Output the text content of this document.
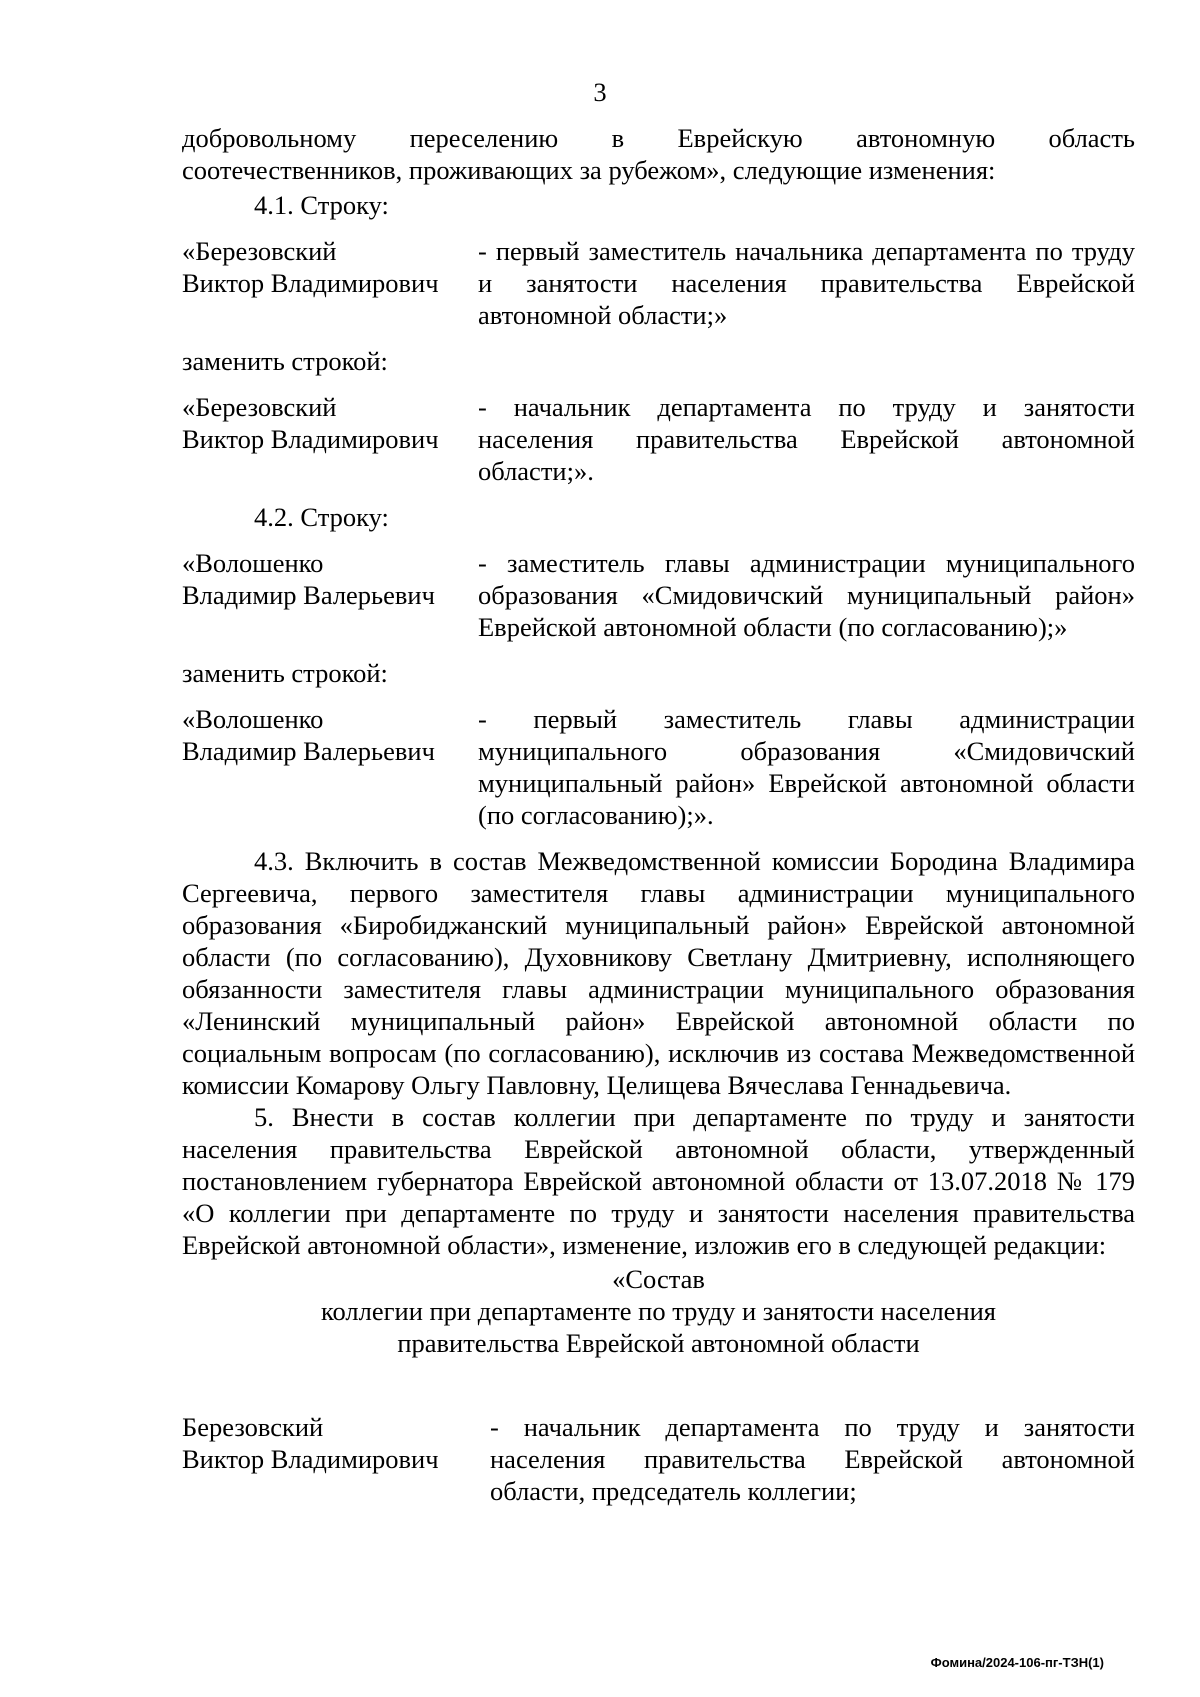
3

добровольному переселению в Еврейскую автономную область

соотечественников, проживающих за рубежом», следующие изменения:

4.1. Строку:

«Березовский
Виктор Владимирович
- первый заместитель начальника департамента по труду и занятости населения правительства Еврейской автономной области;»

заменить строкой:

«Березовский
Виктор Владимирович
- начальник департамента по труду и занятости населения правительства Еврейской автономной области;».

4.2. Строку:

«Волошенко
Владимир Валерьевич
- заместитель главы администрации муниципального образования «Смидовичский муниципальный район» Еврейской автономной области (по согласованию);»

заменить строкой:

«Волошенко
Владимир Валерьевич
- первый заместитель главы администрации муниципального образования «Смидовичский муниципальный район» Еврейской автономной области (по согласованию);».

4.3. Включить в состав Межведомственной комиссии Бородина Владимира Сергеевича, первого заместителя главы администрации муниципального образования «Биробиджанский муниципальный район» Еврейской автономной области (по согласованию), Духовникову Светлану Дмитриевну, исполняющего обязанности заместителя главы администрации муниципального образования «Ленинский муниципальный район» Еврейской автономной области по социальным вопросам (по согласованию), исключив из состава Межведомственной комиссии Комарову Ольгу Павловну, Целищева Вячеслава Геннадьевича.

5. Внести в состав коллегии при департаменте по труду и занятости населения правительства Еврейской автономной области, утвержденный постановлением губернатора Еврейской автономной области от 13.07.2018 № 179 «О коллегии при департаменте по труду и занятости населения правительства Еврейской автономной области», изменение, изложив его в следующей редакции:

«Состав
коллегии при департаменте по труду и занятости населения
правительства Еврейской автономной области
Березовский
Виктор Владимирович
- начальник департамента по труду и занятости населения правительства Еврейской автономной области, председатель коллегии;
Фомина/2024-106-пг-ТЗН(1)
